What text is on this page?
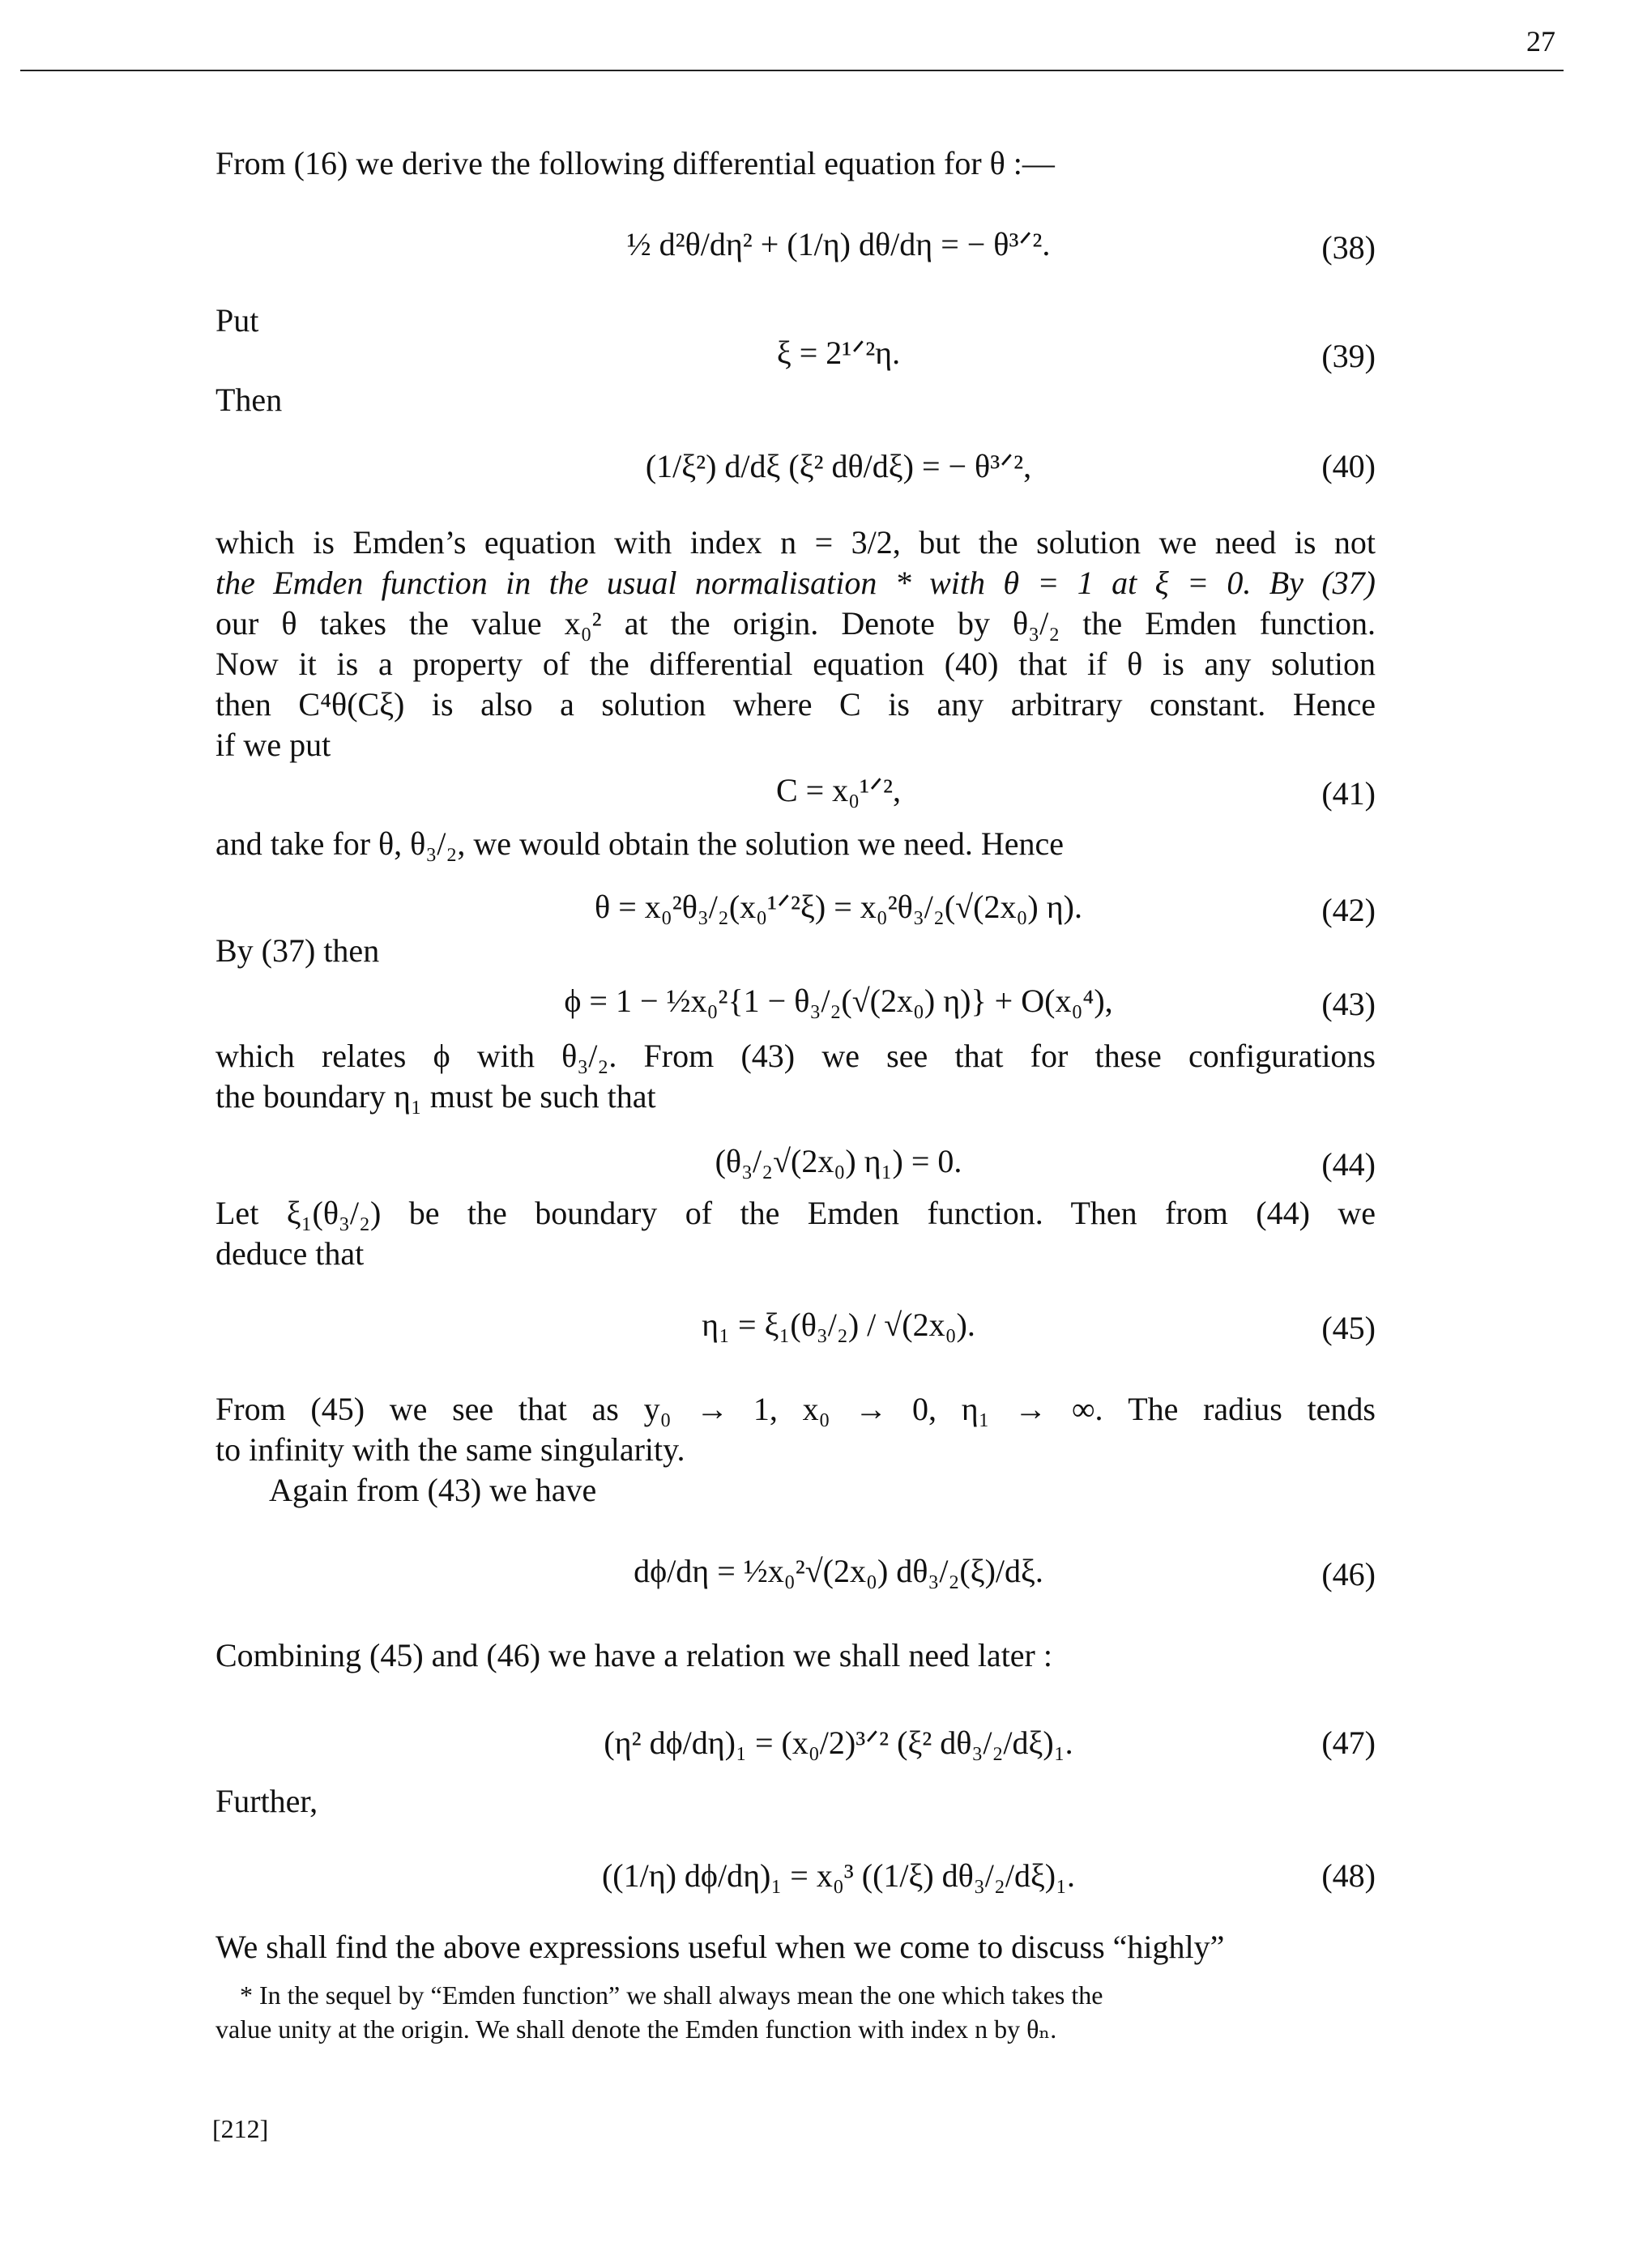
27
From (16) we derive the following differential equation for θ :—
½ d²θ/dη² + (1/η) dθ/dη = − θ³ᐟ².	(38)
Put
ξ = 2¹ᐟ²η.	(39)
Then
(1/ξ²) d/dξ (ξ² dθ/dξ) = − θ³ᐟ²,	(40)
which is Emden’s equation with index n = 3/2, but the solution we need is not
the Emden function in the usual normalisation * with θ = 1 at ξ = 0. By (37)
our θ takes the value x₀² at the origin. Denote by θ₃/₂ the Emden function.
Now it is a property of the differential equation (40) that if θ is any solution
then C⁴θ(Cξ) is also a solution where C is any arbitrary constant. Hence
if we put
C = x₀¹ᐟ²,	(41)
and take for θ, θ₃/₂, we would obtain the solution we need. Hence
θ = x₀²θ₃/₂(x₀¹ᐟ²ξ) = x₀²θ₃/₂(√(2x₀) η).	(42)
By (37) then
ϕ = 1 − ½x₀²{1 − θ₃/₂(√(2x₀) η)} + O(x₀⁴),	(43)
which relates ϕ with θ₃/₂. From (43) we see that for these configurations
the boundary η₁ must be such that
(θ₃/₂√(2x₀) η₁) = 0.	(44)
Let ξ₁(θ₃/₂) be the boundary of the Emden function. Then from (44) we
deduce that
η₁ = ξ₁(θ₃/₂) / √(2x₀).	(45)
From (45) we see that as y₀ → 1, x₀ → 0, η₁ → ∞. The radius tends
to infinity with the same singularity.
Again from (43) we have
dϕ/dη = ½x₀²√(2x₀) dθ₃/₂(ξ)/dξ.	(46)
Combining (45) and (46) we have a relation we shall need later :
(η² dϕ/dη)₁ = (x₀/2)³ᐟ² (ξ² dθ₃/₂/dξ)₁.	(47)
Further,
((1/η) dϕ/dη)₁ = x₀³ ((1/ξ) dθ₃/₂/dξ)₁.	(48)
We shall find the above expressions useful when we come to discuss “highly”
* In the sequel by “Emden function” we shall always mean the one which takes the
value unity at the origin. We shall denote the Emden function with index n by θₙ.
[212]
